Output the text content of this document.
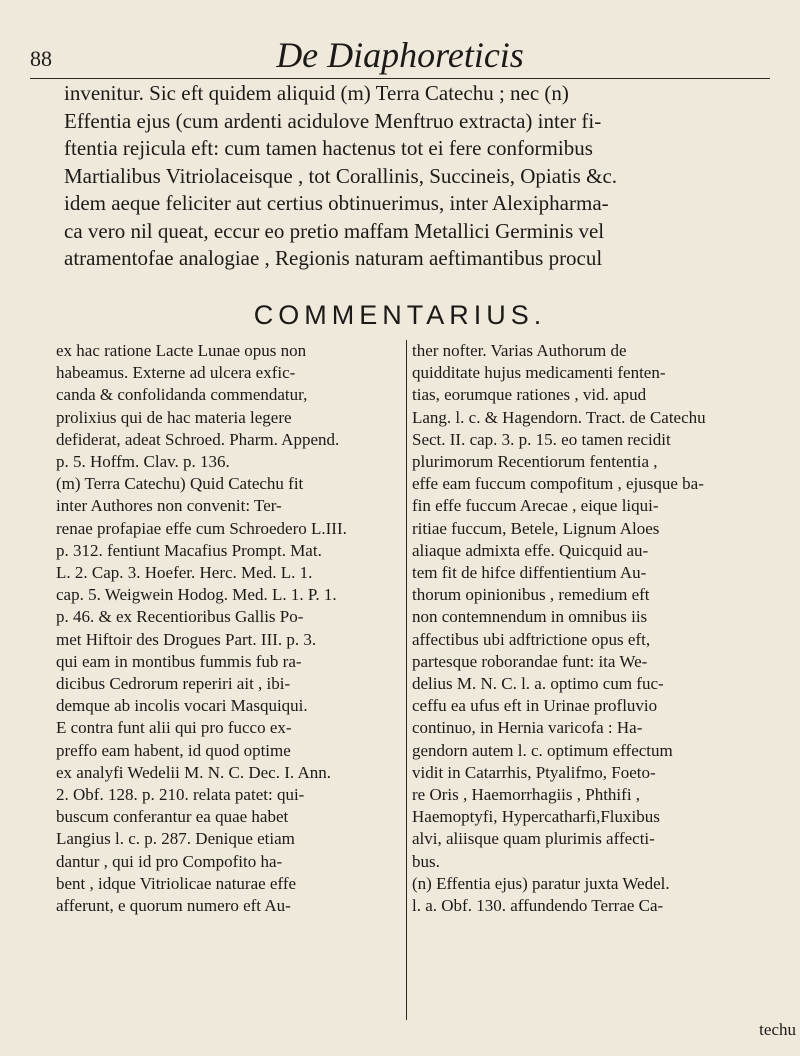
88	De Diaphoreticis
invenitur. Sic eft quidem aliquid (m) Terra Catechu ; nec (n)
Effentia ejus (cum ardenti acidulove Menftruo extracta) inter fi-
ftentia rejicula eft: cum tamen hactenus tot ei fere conformibus
Martialibus Vitriolaceisque , tot Corallinis, Succineis, Opiatis &c.
idem aeque feliciter aut certius obtinuerimus, inter Alexipharma-
ca vero nil queat, eccur eo pretio maffam Metallici Germinis vel
atramentofae analogiae , Regionis naturam aeftimantibus procul
COMMENTARIUS.
ex hac ratione Lacte Lunae opus non
habeamus. Externe ad ulcera exfic-
canda & confolidanda commendatur,
prolixius qui de hac materia legere
defiderat, adeat Schroed. Pharm. Append.
p. 5. Hoffm. Clav. p. 136.
(m) Terra Catechu) Quid Catechu fit
inter Authores non convenit: Ter-
renae profapiae effe cum Schroedero L.III.
p. 312. fentiunt Macafius Prompt. Mat.
L. 2. Cap. 3. Hoefer. Herc. Med. L. 1.
cap. 5. Weigwein Hodog. Med. L. 1. P. 1.
p. 46. & ex Recentioribus Gallis Po-
met Hiftoir des Drogues Part. III. p. 3.
qui eam in montibus fummis fub ra-
dicibus Cedrorum reperiri ait , ibi-
demque ab incolis vocari Masquiqui.
E contra funt alii qui pro fucco ex-
preffo eam habent, id quod optime
ex analyfi Wedelii M. N. C. Dec. I. Ann.
2. Obf. 128. p. 210. relata patet: qui-
buscum conferantur ea quae habet
Langius l. c. p. 287. Denique etiam
dantur , qui id pro Compofito ha-
bent , idque Vitriolicae naturae effe
afferunt, e quorum numero eft Au-
ther nofter. Varias Authorum de
quidditate hujus medicamenti fenten-
tias, eorumque rationes , vid. apud
Lang. l. c. & Hagendorn. Tract. de Catechu
Sect. II. cap. 3. p. 15. eo tamen recidit
plurimorum Recentiorum fententia ,
effe eam fuccum compofitum , ejusque ba-
fin effe fuccum Arecae , eique liqui-
ritiae fuccum, Betele, Lignum Aloes
aliaque admixta effe. Quicquid au-
tem fit de hifce diffentientium Au-
thorum opinionibus , remedium eft
non contemnendum in omnibus iis
affectibus ubi adftrictione opus eft,
partesque roborandae funt: ita We-
delius M. N. C. l. a. optimo cum fuc-
ceffu ea ufus eft in Urinae profluvio
continuo, in Hernia varicofa : Ha-
gendorn autem l. c. optimum effectum
vidit in Catarrhis, Ptyalifmo, Foeto-
re Oris , Haemorrhagiis , Phthifi ,
Haemoptyfi, Hypercatharfi,Fluxibus
alvi, aliisque quam plurimis affecti-
bus.
(n) Effentia ejus) paratur juxta Wedel.
l. a. Obf. 130. affundendo Terrae Ca-
techu
